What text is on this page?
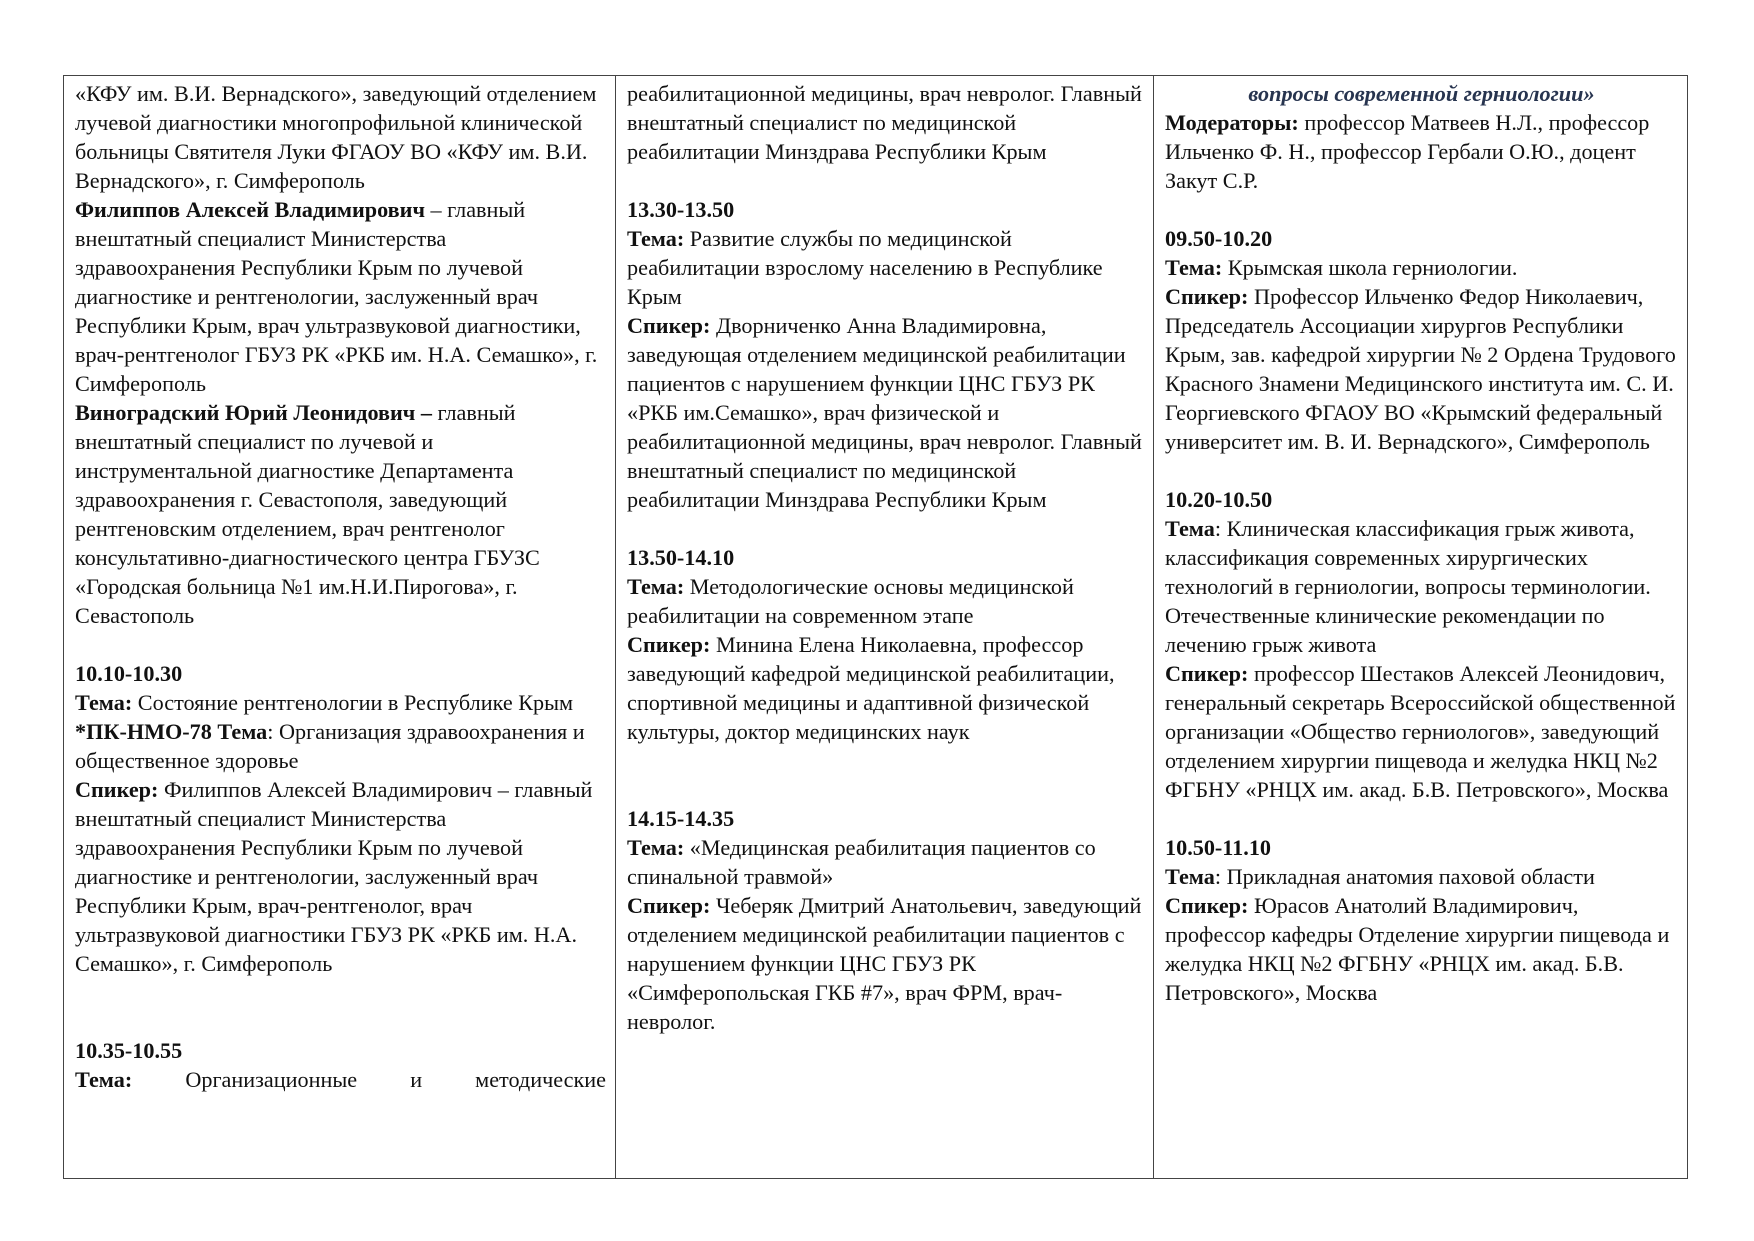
«КФУ им. В.И. Вернадского», заведующий отделением лучевой диагностики многопрофильной клинической больницы Святителя Луки ФГАОУ ВО «КФУ им. В.И. Вернадского», г. Симферополь

Филиппов Алексей Владимирович – главный внештатный специалист Министерства здравоохранения Республики Крым по лучевой диагностике и рентгенологии, заслуженный врач Республики Крым, врач ультразвуковой диагностики, врач-рентгенолог ГБУЗ РК «РКБ им. Н.А. Семашко», г. Симферополь

Виноградский Юрий Леонидович – главный внештатный специалист по лучевой и инструментальной диагностике Департамента здравоохранения г. Севастополя, заведующий рентгеновским отделением, врач рентгенолог консультативно-диагностического центра ГБУЗС «Городская больница №1 им.Н.И.Пирогова», г. Севастополь

10.10-10.30

Тема: Состояние рентгенологии в Республике Крым

*ПК-НМО-78 Тема: Организация здравоохранения и общественное здоровье

Спикер: Филиппов Алексей Владимирович – главный внештатный специалист Министерства здравоохранения Республики Крым по лучевой диагностике и рентгенологии, заслуженный врач Республики Крым, врач-рентгенолог, врач ультразвуковой диагностики ГБУЗ РК «РКБ им. Н.А. Семашко», г. Симферополь

10.35-10.55

Тема: Организационные и методические

реабилитационной медицины, врач невролог. Главный внештатный специалист по медицинской реабилитации Минздрава Республики Крым

13.30-13.50

Тема: Развитие службы по медицинской реабилитации взрослому населению в Республике Крым

Спикер: Дворниченко Анна Владимировна, заведующая отделением медицинской реабилитации пациентов с нарушением функции ЦНС ГБУЗ РК «РКБ им.Семашко», врач физической и реабилитационной медицины, врач невролог. Главный внештатный специалист по медицинской реабилитации Минздрава Республики Крым

13.50-14.10

Тема: Методологические основы медицинской реабилитации на современном этапе

Спикер: Минина Елена Николаевна, профессор заведующий кафедрой медицинской реабилитации, спортивной медицины и адаптивной физической культуры, доктор медицинских наук

14.15-14.35

Тема: «Медицинская реабилитация пациентов со спинальной травмой»

Спикер: Чеберяк Дмитрий Анатольевич, заведующий отделением медицинской реабилитации пациентов с нарушением функции ЦНС ГБУЗ РК «Симферопольская ГКБ #7», врач ФРМ, врач-невролог.

вопросы современной герниологии»

Модераторы: профессор Матвеев Н.Л., профессор Ильченко Ф. Н., профессор Гербали О.Ю., доцент Закут С.Р.

09.50-10.20

Тема: Крымская школа герниологии.

Спикер: Профессор Ильченко Федор Николаевич, Председатель Ассоциации хирургов Республики Крым, зав. кафедрой хирургии № 2 Ордена Трудового Красного Знамени Медицинского института им. С. И. Георгиевского ФГАОУ ВО «Крымский федеральный университет им. В. И. Вернадского», Симферополь

10.20-10.50

Тема: Клиническая классификация грыж живота, классификация современных хирургических технологий в герниологии, вопросы терминологии. Отечественные клинические рекомендации по лечению грыж живота

Спикер: профессор Шестаков Алексей Леонидович, генеральный секретарь Всероссийской общественной организации «Общество герниологов», заведующий отделением хирургии пищевода и желудка НКЦ №2 ФГБНУ «РНЦХ им. акад. Б.В. Петровского», Москва

10.50-11.10

Тема: Прикладная анатомия паховой области

Спикер: Юрасов Анатолий Владимирович, профессор кафедры Отделение хирургии пищевода и желудка НКЦ №2 ФГБНУ «РНЦХ им. акад. Б.В. Петровского», Москва
